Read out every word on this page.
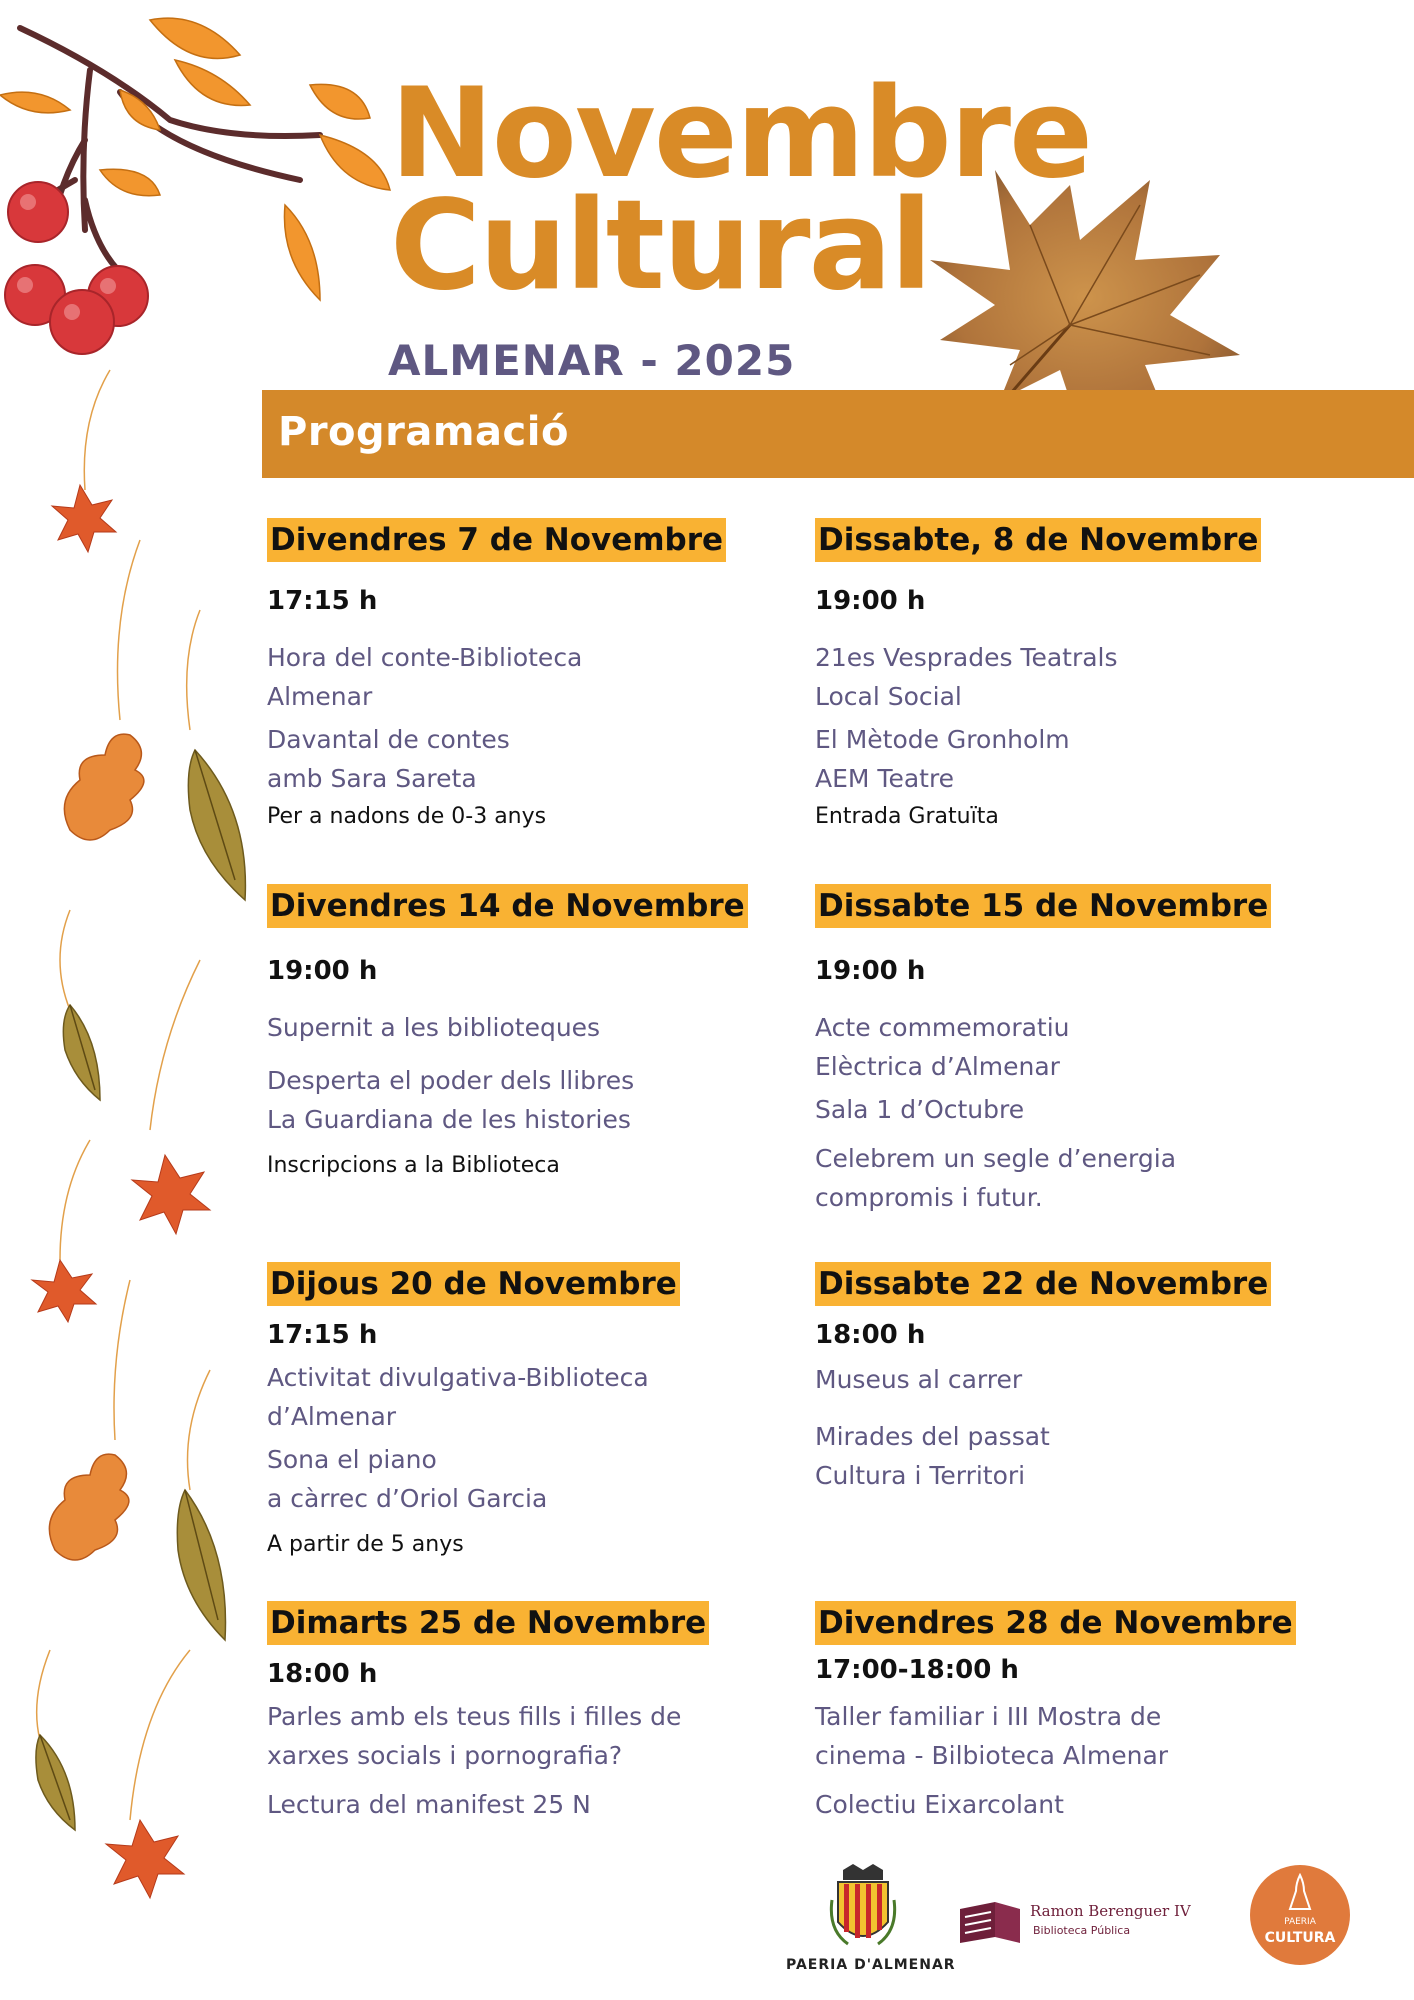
Novembre
Cultural
ALMENAR - 2025
Programació
Divendres 7 de Novembre
17:15 h
Hora del conte-Biblioteca
Almenar
Davantal de contes
amb Sara Sareta
Per a nadons de 0-3 anys
Dissabte, 8 de Novembre
19:00 h
21es Vesprades Teatrals
Local Social
El Mètode Gronholm
AEM Teatre
Entrada Gratuïta
Divendres 14 de Novembre
19:00 h
Supernit a les biblioteques
Desperta el poder dels llibres
La Guardiana de les histories
Inscripcions a la Biblioteca
Dissabte 15 de Novembre
19:00 h
Acte commemoratiu
Elèctrica d’Almenar
Sala 1 d’Octubre
Celebrem un segle d’energia
compromis i futur.
Dijous 20 de Novembre
17:15 h
Activitat divulgativa-Biblioteca
d’Almenar
Sona el piano
a càrrec d’Oriol Garcia
A partir de 5 anys
Dissabte 22 de Novembre
18:00 h
Museus al carrer
Mirades del passat
Cultura i Territori
Dimarts 25 de Novembre
18:00 h
Parles amb els teus fills i filles de
xarxes socials i pornografia?
Lectura del manifest 25 N
Divendres 28 de Novembre
17:00-18:00 h
Taller familiar i III Mostra de
cinema - Bilbioteca Almenar
Colectiu Eixarcolant
PAERIA D'ALMENAR
Ramon Berenguer IV
Biblioteca Pública
PAERIA
CULTURA
